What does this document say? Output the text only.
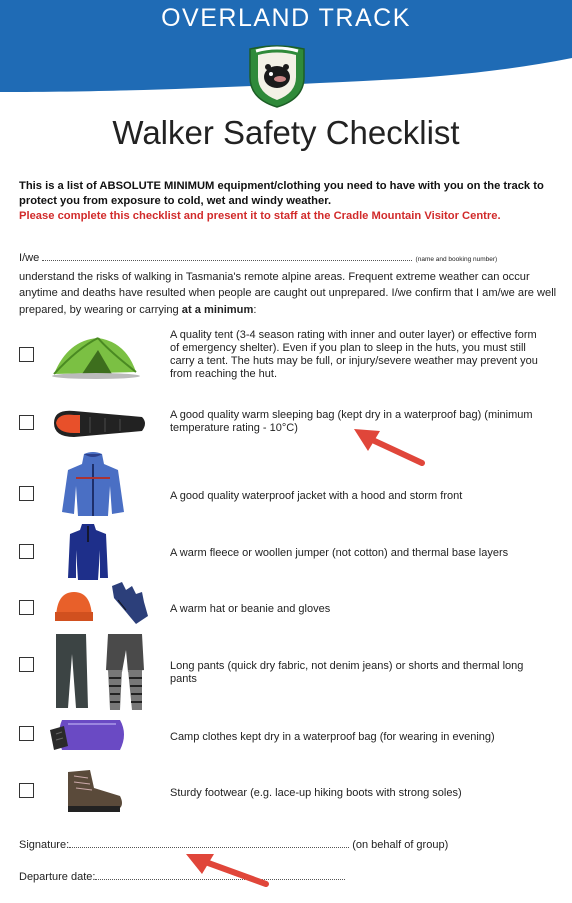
OVERLAND TRACK
Walker Safety Checklist
This is a list of ABSOLUTE MINIMUM equipment/clothing you need to have with you on the track to protect you from exposure to cold, wet and windy weather.
Please complete this checklist and present it to staff at the Cradle Mountain Visitor Centre.
I/we	(name and booking number)
understand the risks of walking in Tasmania's remote alpine areas. Frequent extreme weather can occur anytime and deaths have resulted when people are caught out unprepared. I/we confirm that I am/we are well prepared, by wearing or carrying at a minimum:
A quality tent (3-4 season rating with inner and outer layer) or effective form of emergency shelter). Even if you plan to sleep in the huts, you must still carry a tent. The huts may be full, or injury/severe weather may prevent you from reaching the hut.
A good quality warm sleeping bag (kept dry in a waterproof bag) (minimum temperature rating - 10°C)
A good quality waterproof jacket with a hood and storm front
A warm fleece or woollen jumper (not cotton) and thermal base layers
A warm hat or beanie and gloves
Long pants (quick dry fabric, not denim jeans) or shorts and thermal long pants
Camp clothes kept dry in a waterproof bag (for wearing in evening)
Sturdy footwear (e.g. lace-up hiking boots with strong soles)
Signature:	(on behalf of group)
Departure date:
